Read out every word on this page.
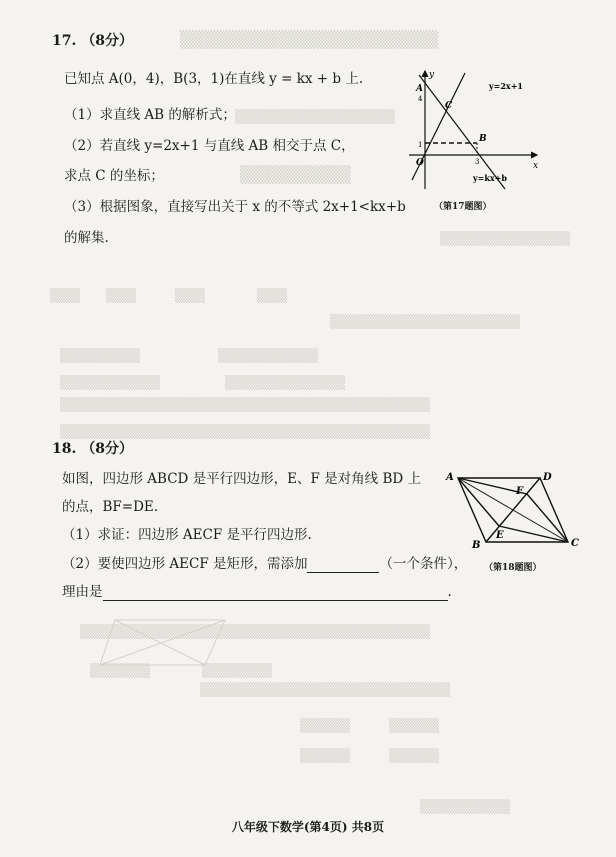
▒▒▒▒▒▒▒▒▒▒▒▒▒▒▒▒▒▒▒▒▒
▒▒▒▒▒▒▒▒▒▒▒▒▒▒▒▒
▒▒▒▒▒▒▒▒▒
▒▒▒▒▒▒▒▒▒▒▒▒▒
▒▒▒　　▒▒▒　　　▒▒▒　　　　▒▒▒
▒▒▒▒▒▒▒▒▒▒▒▒▒▒▒▒▒▒▒
▒▒▒▒▒▒▒▒　　　　　　▒▒▒▒▒▒▒▒▒▒
▒▒▒▒▒▒▒▒▒▒　　　　　▒▒▒▒▒▒▒▒▒▒▒▒
▒▒▒▒▒▒▒▒▒▒▒▒▒▒▒▒▒▒▒▒▒▒▒▒▒▒▒▒▒▒▒▒▒▒▒▒▒
▒▒▒▒▒▒▒▒▒▒▒▒▒▒▒▒▒▒▒▒▒▒▒▒▒▒▒▒▒▒▒▒▒▒▒▒▒
▒▒▒▒▒▒▒▒▒▒▒▒▒▒▒▒▒▒▒▒▒▒▒▒▒▒▒▒▒▒▒▒▒▒▒
▒▒▒▒▒▒　　　　▒▒▒▒▒▒▒
▒▒▒▒▒▒▒▒▒▒▒▒▒▒▒▒▒▒▒▒▒▒▒▒▒
▒▒▒▒▒　　　▒▒▒▒▒
▒▒▒▒▒　　　▒▒▒▒▒
▒▒▒▒▒▒▒▒▒
17. （8分）
已知点 A(0，4)，B(3，1)在直线 y = kx + b 上.
（1）求直线 AB 的解析式；
（2）若直线 y=2x+1 与直线 AB 相交于点 C，
求点 C 的坐标；
（3）根据图象，直接写出关于 x 的不等式 2x+1<kx+b
的解集.
y
x
A
4
C
B
O
1
3
y=2x+1
y=kx+b
（第17题图）
18. （8分）
如图，四边形 ABCD 是平行四边形，E、F 是对角线 BD 上
的点，BF=DE.
（1）求证：四边形 AECF 是平行四边形.
（2）要使四边形 AECF 是矩形，需添加	（一个条件），
理由是	.
A	D
F
E
B	C
（第18题图）
八年级下数学(第4页) 共8页
